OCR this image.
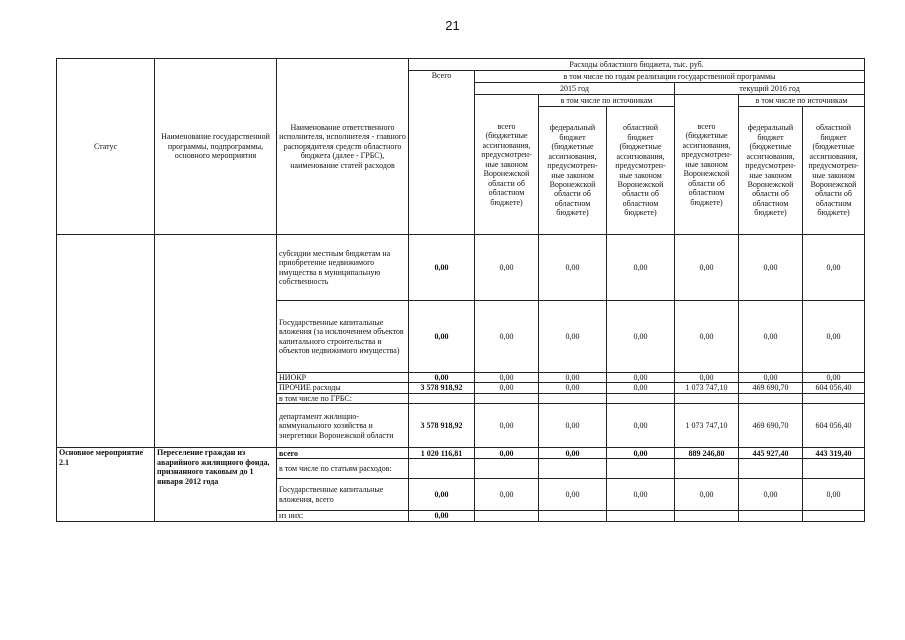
21
Статус	Наименование государственной программы, подпрограммы, основного мероприятия	Наименование ответственного исполнителя, исполнителя - главного распорядителя средств областного бюджета (далее - ГРБС), наименование статей расходов	Расходы областного бюджета, тыс. руб.						
			Всего	в том числе по годам реализации государственной программы					
				2015 год			текущий 2016 год		
				всего (бюджетные ассигнования, предусмотрен-ные законом Воронежской области об областном бюджете)	в том числе по источникам		всего (бюджетные ассигнования, предусмотрен-ные законом Воронежской области об областном бюджете)	в том числе по источникам	
					федеральный бюджет (бюджетные ассигнования, предусмотрен-ные законом Воронежской области об областном бюджете)	областной бюджет (бюджетные ассигнования, предусмотрен-ные законом Воронежской области об областном бюджете)		федеральный бюджет (бюджетные ассигнования, предусмотрен-ные законом Воронежской области об областном бюджете)	областной бюджет (бюджетные ассигнования, предусмотрен-ные законом Воронежской области об областном бюджете)
		субсидии местным бюджетам на приобретение недвижимого имущества в муниципальную собственность	0,00	0,00	0,00	0,00	0,00	0,00	0,00
		Государственные капитальные вложения (за исключением объектов капитального строительства и объектов недвижимого имущества)	0,00	0,00	0,00	0,00	0,00	0,00	0,00
		НИОКР	0,00	0,00	0,00	0,00	0,00	0,00	0,00
		ПРОЧИЕ расходы	3 578 918,92	0,00	0,00	0,00	1 073 747,10	469 690,70	604 056,40
		в том числе по ГРБС:							
		департамент жилищно-коммунального хозяйства и энергетики Воронежской области	3 578 918,92	0,00	0,00	0,00	1 073 747,10	469 690,70	604 056,40
Основное мероприятие 2.1	Переселение граждан из аварийного жилищного фонда, признанного таковым до 1 января 2012 года	всего	1 020 116,81	0,00	0,00	0,00	889 246,80	445 927,40	443 319,40
		в том числе по статьям расходов:							
		Государственные капитальные вложения, всего	0,00	0,00	0,00	0,00	0,00	0,00	0,00
		из них:	0,00						
